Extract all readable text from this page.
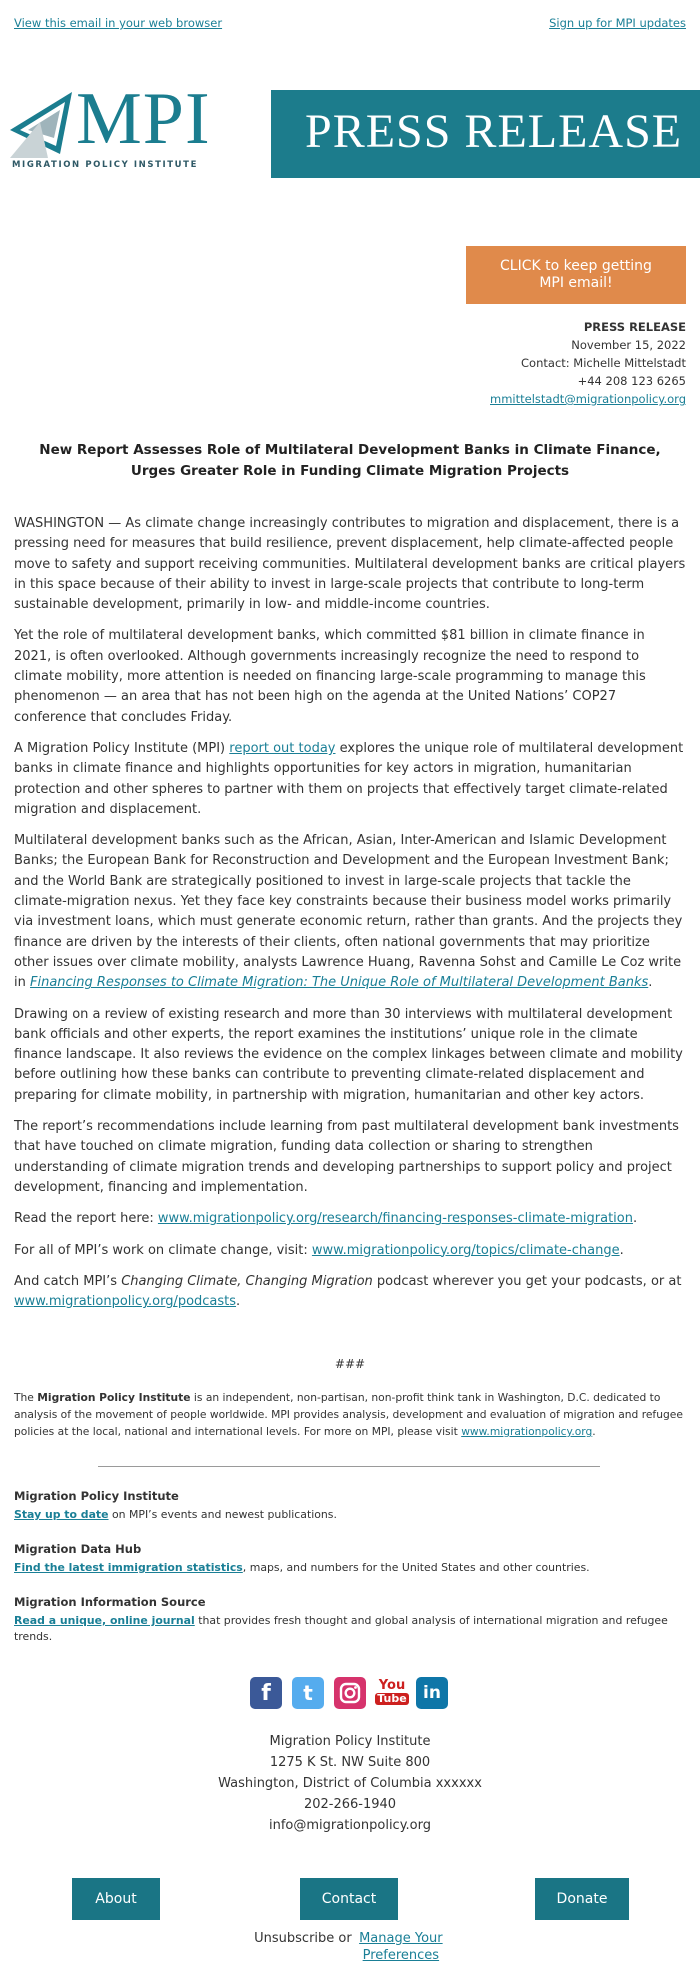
View this email in your web browser	Sign up for MPI updates
MPI
MIGRATION POLICY INSTITUTE
PRESS RELEASE
CLICK to keep getting
MPI email!
PRESS RELEASE
November 15, 2022
Contact: Michelle Mittelstadt
+44 208 123 6265
mmittelstadt@migrationpolicy.org
New Report Assesses Role of Multilateral Development Banks in Climate Finance, Urges Greater Role in Funding Climate Migration Projects

WASHINGTON — As climate change increasingly contributes to migration and displacement, there is a pressing need for measures that build resilience, prevent displacement, help climate-affected people move to safety and support receiving communities. Multilateral development banks are critical players in this space because of their ability to invest in large-scale projects that contribute to long-term sustainable development, primarily in low- and middle-income countries.

Yet the role of multilateral development banks, which committed $81 billion in climate finance in 2021, is often overlooked. Although governments increasingly recognize the need to respond to climate mobility, more attention is needed on financing large-scale programming to manage this phenomenon — an area that has not been high on the agenda at the United Nations’ COP27 conference that concludes Friday.

A Migration Policy Institute (MPI) report out today explores the unique role of multilateral development banks in climate finance and highlights opportunities for key actors in migration, humanitarian protection and other spheres to partner with them on projects that effectively target climate-related migration and displacement.

Multilateral development banks such as the African, Asian, Inter-American and Islamic Development Banks; the European Bank for Reconstruction and Development and the European Investment Bank; and the World Bank are strategically positioned to invest in large-scale projects that tackle the climate-migration nexus. Yet they face key constraints because their business model works primarily via investment loans, which must generate economic return, rather than grants. And the projects they finance are driven by the interests of their clients, often national governments that may prioritize other issues over climate mobility, analysts Lawrence Huang, Ravenna Sohst and Camille Le Coz write in Financing Responses to Climate Migration: The Unique Role of Multilateral Development Banks.

Drawing on a review of existing research and more than 30 interviews with multilateral development bank officials and other experts, the report examines the institutions’ unique role in the climate finance landscape. It also reviews the evidence on the complex linkages between climate and mobility before outlining how these banks can contribute to preventing climate-related displacement and preparing for climate mobility, in partnership with migration, humanitarian and other key actors.

The report’s recommendations include learning from past multilateral development bank investments that have touched on climate migration, funding data collection or sharing to strengthen understanding of climate migration trends and developing partnerships to support policy and project development, financing and implementation.

Read the report here: www.migrationpolicy.org/research/financing-responses-climate-migration.

For all of MPI’s work on climate change, visit: www.migrationpolicy.org/topics/climate-change.

And catch MPI’s Changing Climate, Changing Migration podcast wherever you get your podcasts, or at www.migrationpolicy.org/podcasts.

###
The Migration Policy Institute is an independent, non-partisan, non-profit think tank in Washington, D.C. dedicated to analysis of the movement of people worldwide. MPI provides analysis, development and evaluation of migration and refugee policies at the local, national and international levels. For more on MPI, please visit www.migrationpolicy.org.
Migration Policy Institute
Stay up to date on MPI’s events and newest publications.
Migration Data Hub
Find the latest immigration statistics, maps, and numbers for the United States and other countries.
Migration Information Source
Read a unique, online journal that provides fresh thought and global analysis of international migration and refugee trends.
f	t	You
Tube in
Migration Policy Institute
1275 K St. NW Suite 800
Washington, District of Columbia xxxxxx
202-266-1940
info@migrationpolicy.org
About	Contact	Donate
Unsubscribe or Manage Your Preferences
